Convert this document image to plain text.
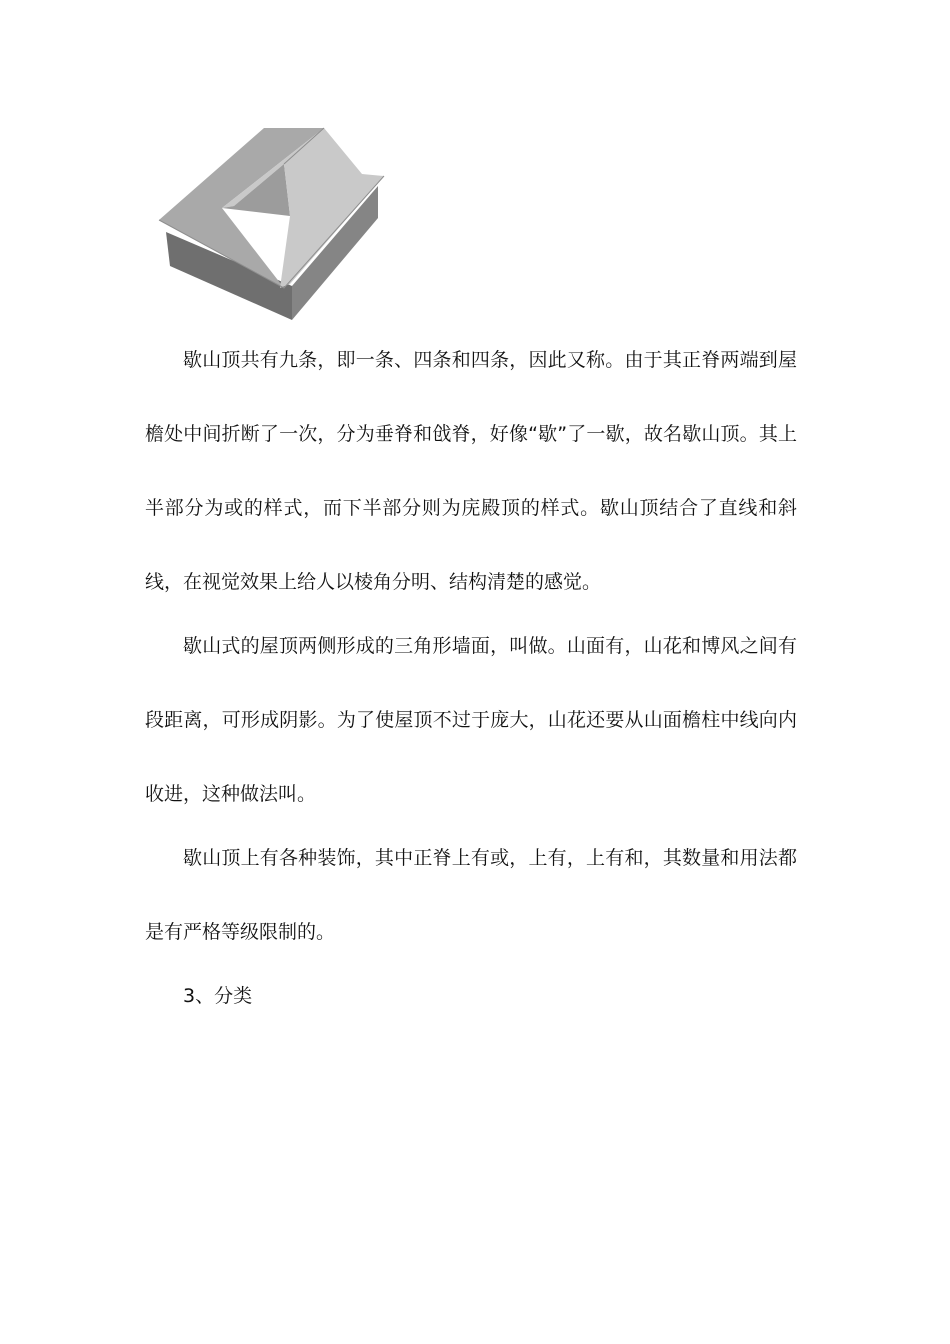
歇山顶共有九条，即一条、四条和四条，因此又称。由于其正脊两端到屋檐处中间折断了一次，分为垂脊和戗脊，好像“歇”了一歇，故名歇山顶。其上半部分为或的样式，而下半部分则为庑殿顶的样式。歇山顶结合了直线和斜线，在视觉效果上给人以棱角分明、结构清楚的感觉。

歇山式的屋顶两侧形成的三角形墙面，叫做。山面有，山花和博风之间有段距离，可形成阴影。为了使屋顶不过于庞大，山花还要从山面檐柱中线向内收进，这种做法叫。

歇山顶上有各种装饰，其中正脊上有或，上有，上有和，其数量和用法都是有严格等级限制的。

3、分类
